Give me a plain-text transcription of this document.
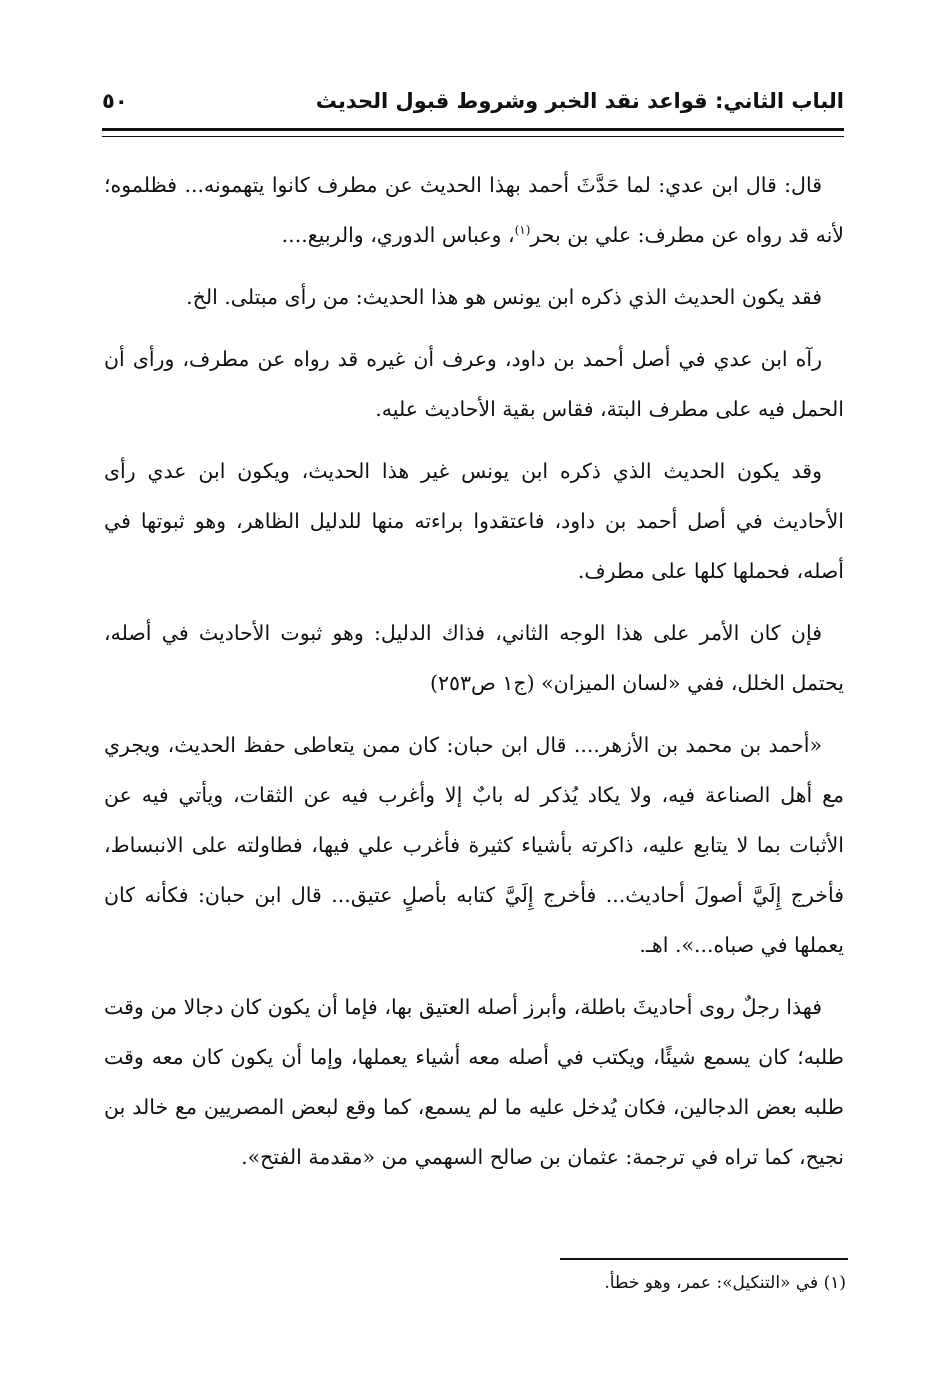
الباب الثاني: قواعد نقد الخبر وشروط قبول الحديث
٥٠

قال: قال ابن عدي: لما حَدَّثَ أحمد بهذا الحديث عن مطرف كانوا يتهمونه... فظلموه؛ لأنه قد رواه عن مطرف: علي بن بحر$^{(١)}$، وعباس الدوري، والربيع....

فقد يكون الحديث الذي ذكره ابن يونس هو هذا الحديث: من رأى مبتلى. الخ.

رآه ابن عدي في أصل أحمد بن داود، وعرف أن غيره قد رواه عن مطرف، ورأى أن الحمل فيه على مطرف البتة، فقاس بقية الأحاديث عليه.

وقد يكون الحديث الذي ذكره ابن يونس غير هذا الحديث، ويكون ابن عدي رأى الأحاديث في أصل أحمد بن داود، فاعتقدوا براءته منها للدليل الظاهر، وهو ثبوتها في أصله، فحملها كلها على مطرف.

فإن كان الأمر على هذا الوجه الثاني، فذاك الدليل: وهو ثبوت الأحاديث في أصله، يحتمل الخلل، ففي «لسان الميزان» (ج١ ص٢٥٣)

«أحمد بن محمد بن الأزهر.... قال ابن حبان: كان ممن يتعاطى حفظ الحديث، ويجري مع أهل الصناعة فيه، ولا يكاد يُذكر له بابٌ إلا وأغرب فيه عن الثقات، ويأتي فيه عن الأثبات بما لا يتابع عليه، ذاكرته بأشياء كثيرة فأغرب علي فيها، فطاولته على الانبساط، فأخرج إِلَيَّ أصولَ أحاديث... فأخرج إِلَيَّ كتابه بأصلٍ عتيق... قال ابن حبان: فكأنه كان يعملها في صباه...». اهـ.

فهذا رجلٌ روى أحاديثَ باطلة، وأبرز أصله العتيق بها، فإما أن يكون كان دجالا من وقت طلبه؛ كان يسمع شيئًا، ويكتب في أصله معه أشياء يعملها، وإما أن يكون كان معه وقت طلبه بعض الدجالين، فكان يُدخل عليه ما لم يسمع، كما وقع لبعض المصريين مع خالد بن نجيح، كما تراه في ترجمة: عثمان بن صالح السهمي من «مقدمة الفتح».

(١) في «التنكيل»: عمر، وهو خطأ.
